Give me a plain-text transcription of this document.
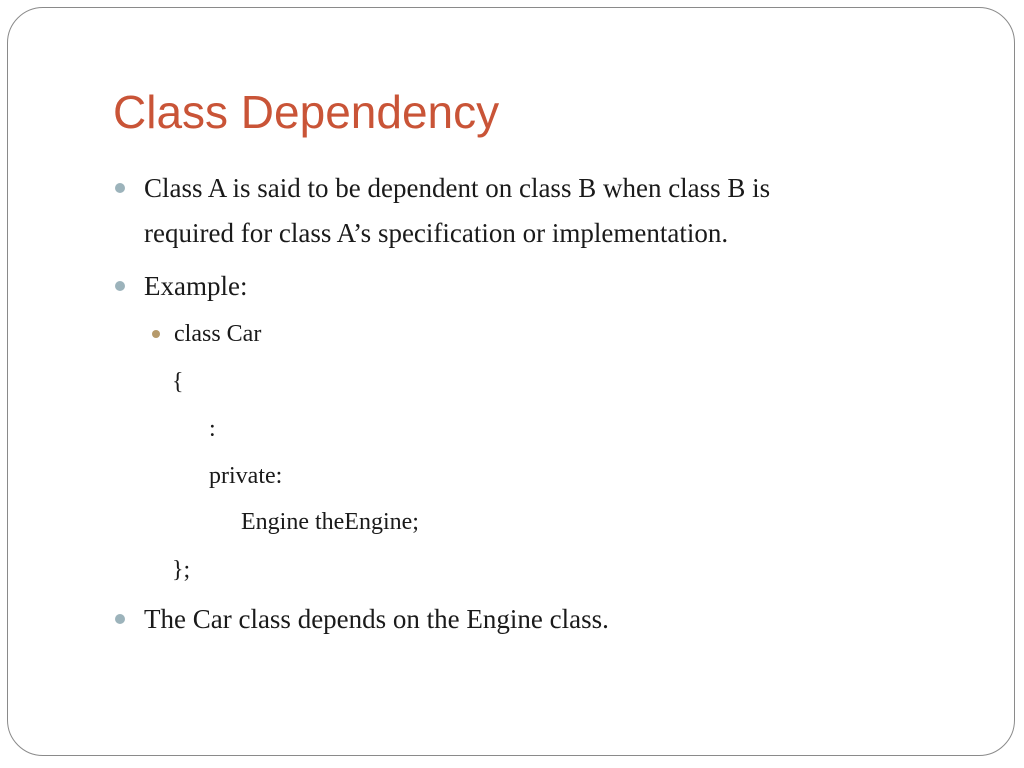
Class Dependency
Class A is said to be dependent on class B when class B is
required for class A’s specification or implementation.
Example:
class Car
{
:
private:
Engine theEngine;
};
The Car class depends on the Engine class.
